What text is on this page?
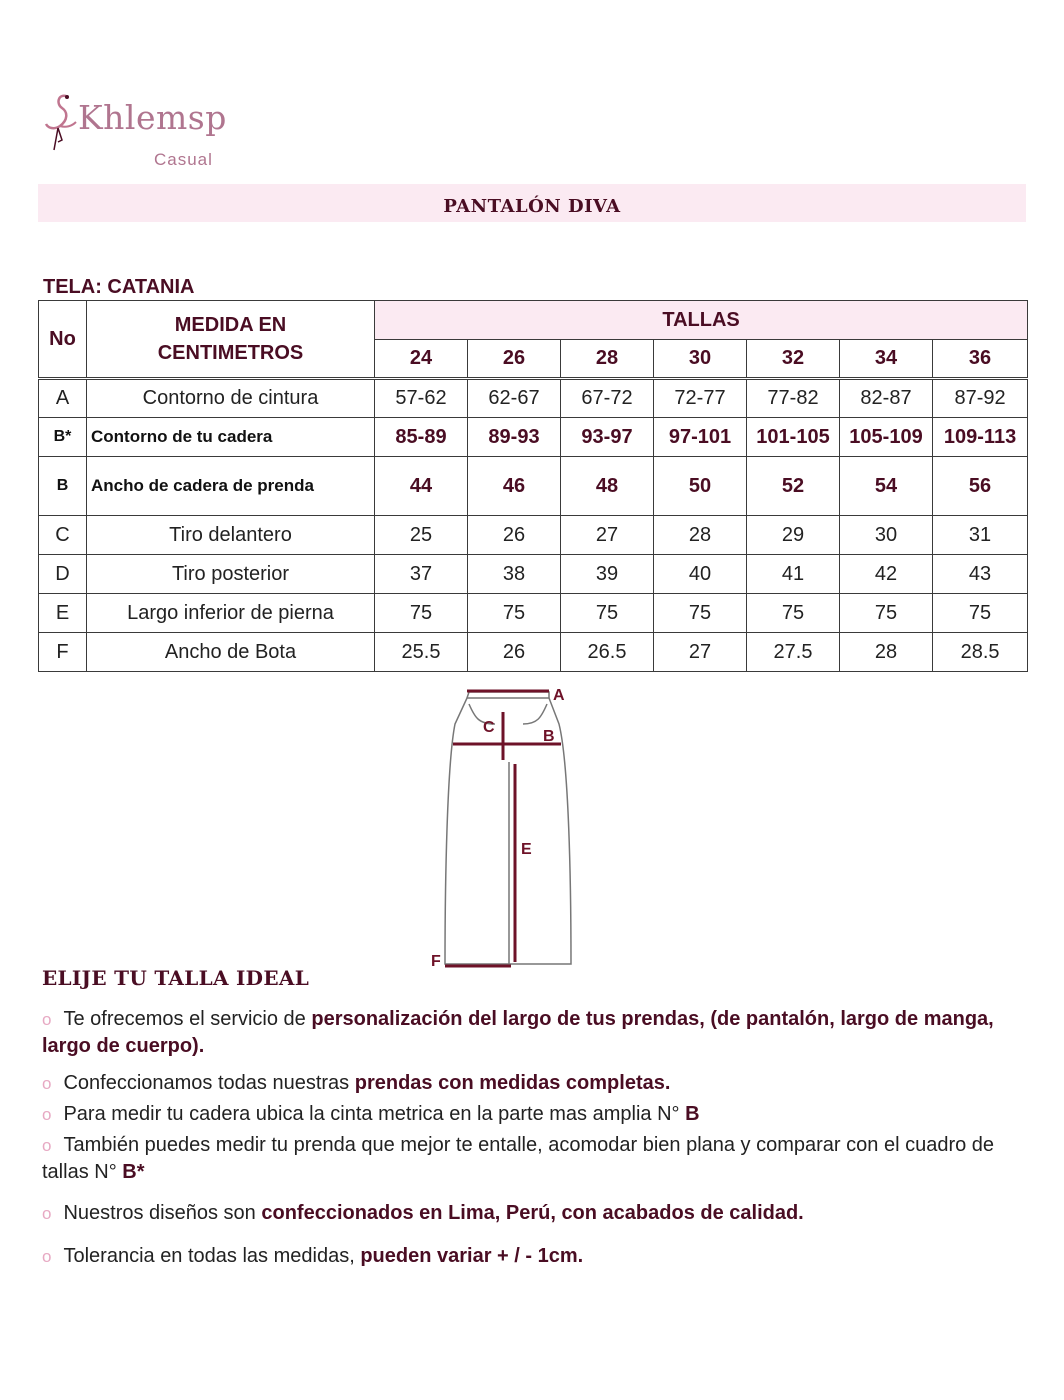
Khlemsp
Casual
PANTALÓN DIVA
TELA: CATANIA
No	MEDIDA EN CENTIMETROS	TALLAS						
		24	26	28	30	32	34	36
A	Contorno de cintura	57-62	62-67	67-72	72-77	77-82	82-87	87-92
B*	Contorno de tu cadera	85-89	89-93	93-97	97-101	101-105	105-109	109-113
B	Ancho de cadera de prenda	44	46	48	50	52	54	56
C	Tiro delantero	25	26	27	28	29	30	31
D	Tiro posterior	37	38	39	40	41	42	43
E	Largo inferior de pierna	75	75	75	75	75	75	75
F	Ancho de Bota	25.5	26	26.5	27	27.5	28	28.5
A
C
B
E
F
ELIJE TU TALLA IDEAL

o Te ofrecemos el servicio de personalización del largo de tus prendas, (de pantalón, largo de manga, largo de cuerpo).

o Confeccionamos todas nuestras prendas con medidas completas.

o Para medir tu cadera ubica la cinta metrica en la parte mas amplia N° B

o También puedes medir tu prenda que mejor te entalle, acomodar bien plana y comparar con el cuadro de tallas N° B*

o Nuestros diseños son confeccionados en Lima, Perú, con acabados de calidad.

o Tolerancia en todas las medidas, pueden variar + / - 1cm.
